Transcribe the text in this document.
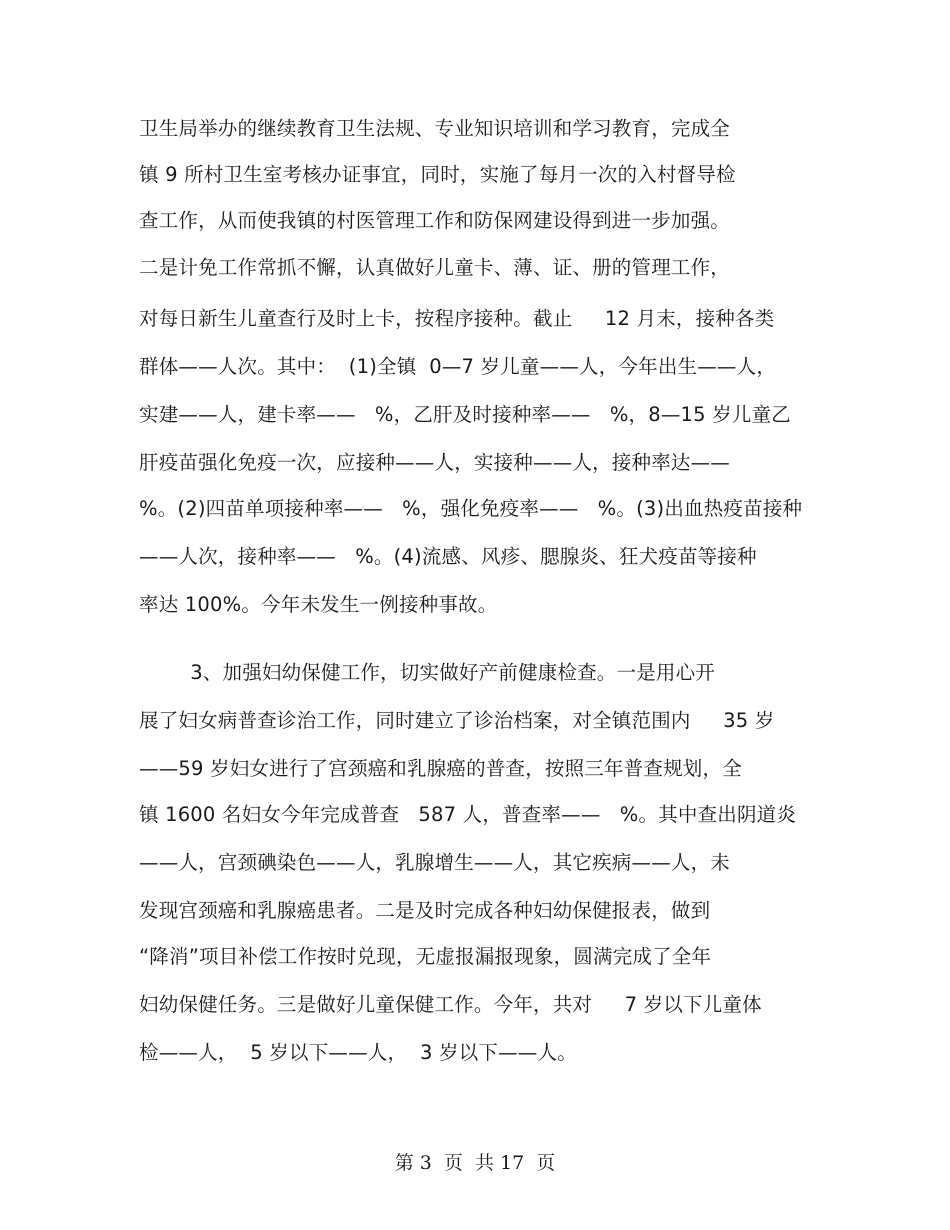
卫生局举办的继续教育卫生法规、专业知识培训和学习教育，完成全
镇 9 所村卫生室考核办证事宜，同时，实施了每月一次的入村督导检
查工作，从而使我镇的村医管理工作和防保网建设得到进一步加强。
二是计免工作常抓不懈，认真做好儿童卡、薄、证、册的管理工作，
对每日新生儿童查行及时上卡，按程序接种。截止　  12 月末，接种各类
群体——人次。其中：  (1)全镇  0—7 岁儿童——人，今年出生——人，
实建——人，建卡率——   %，乙肝及时接种率——   %，8—15 岁儿童乙
肝疫苗强化免疫一次，应接种——人，实接种——人，接种率达——
%。(2)四苗单项接种率——   %，强化免疫率——   %。(3)出血热疫苗接种
——人次，接种率——   %。(4)流感、风疹、腮腺炎、狂犬疫苗等接种
率达 100%。今年未发生一例接种事故。
3、加强妇幼保健工作，切实做好产前健康检查。一是用心开
展了妇女病普查诊治工作，同时建立了诊治档案，对全镇范围内　  35 岁
——59 岁妇女进行了宫颈癌和乳腺癌的普查，按照三年普查规划，全
镇 1600 名妇女今年完成普查   587 人，普查率——   %。其中查出阴道炎
——人，宫颈碘染色——人，乳腺增生——人，其它疾病——人，未
发现宫颈癌和乳腺癌患者。二是及时完成各种妇幼保健报表，做到
“降消”项目补偿工作按时兑现，无虚报漏报现象，圆满完成了全年
妇幼保健任务。三是做好儿童保健工作。今年，共对　  7 岁以下儿童体
检——人，  5 岁以下——人，  3 岁以下——人。
第 3  页  共 17  页
